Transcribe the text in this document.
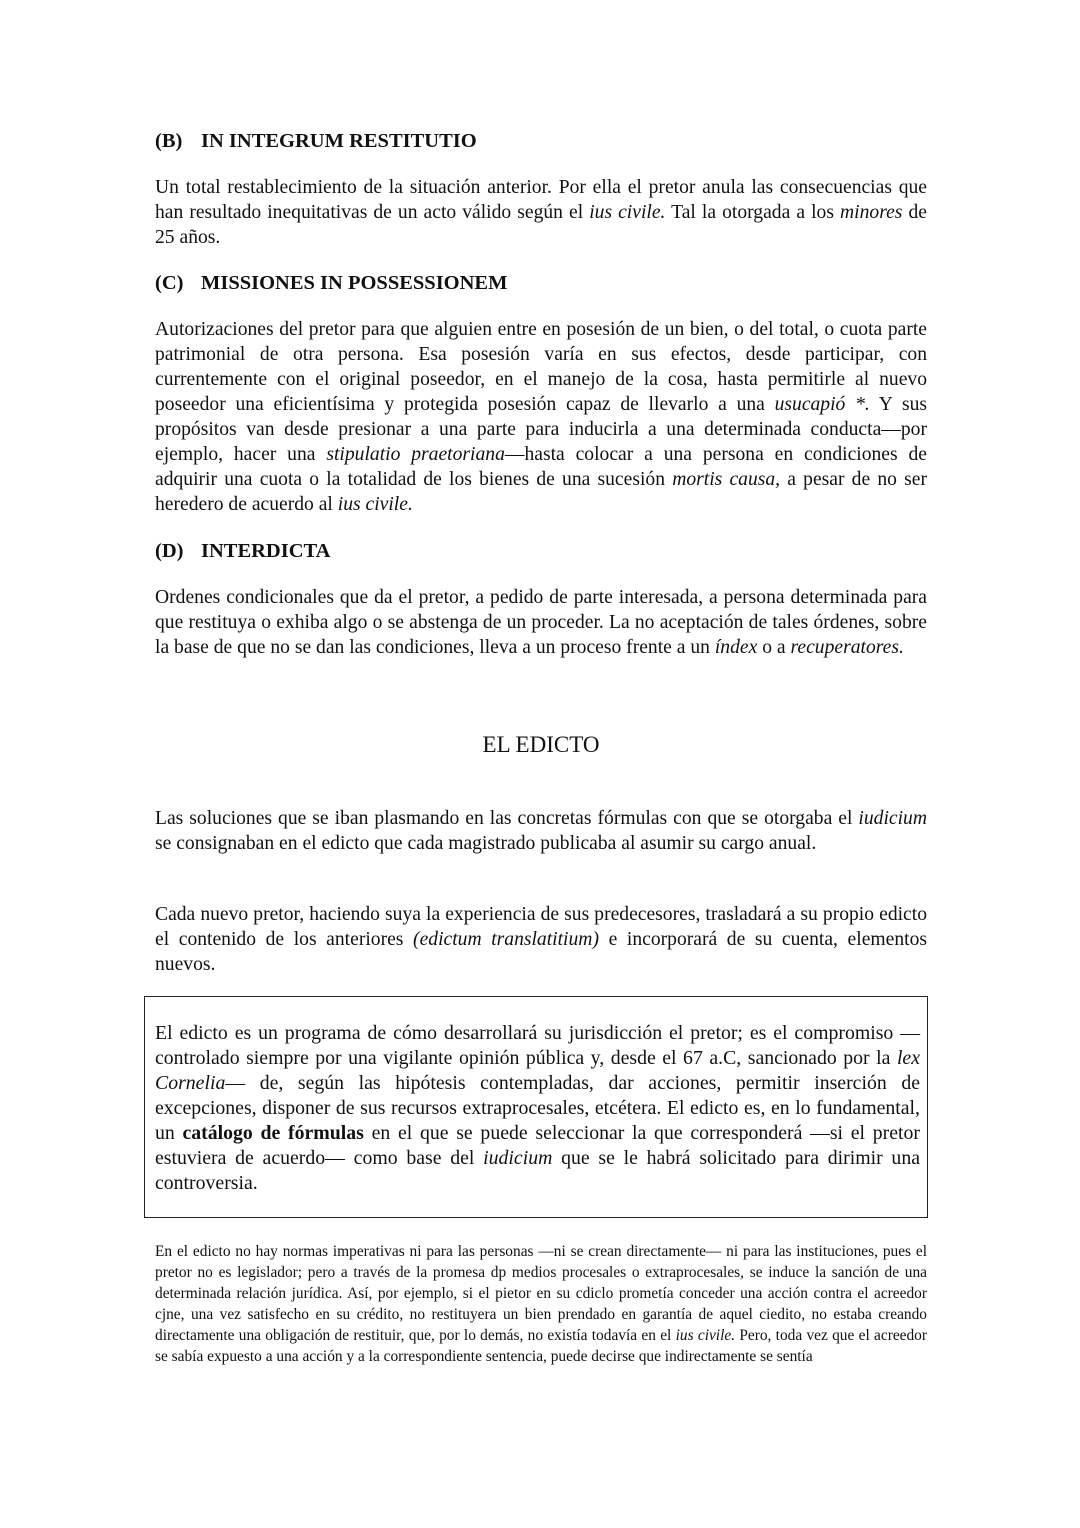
(B) IN INTEGRUM RESTITUTIO

Un total restablecimiento de la situación anterior. Por ella el pretor anula las consecuencias que han resultado inequitativas de un acto válido según el ius civile. Tal la otorgada a los minores de 25 años.

(C) MISSIONES IN POSSESSIONEM

Autorizaciones del pretor para que alguien entre en posesión de un bien, o del total, o cuota parte patrimonial de otra persona. Esa posesión varía en sus efectos, desde participar, con currentemente con el original poseedor, en el manejo de la cosa, hasta permitirle al nuevo poseedor una eficientísima y protegida posesión capaz de llevarlo a una usucapió *. Y sus propósitos van desde presionar a una parte para inducirla a una determinada conducta—por ejemplo, hacer una stipulatio praetoriana—hasta colocar a una persona en condiciones de adquirir una cuota o la totalidad de los bienes de una sucesión mortis causa, a pesar de no ser heredero de acuerdo al ius civile.

(D) INTERDICTA

Ordenes condicionales que da el pretor, a pedido de parte interesada, a persona determinada para que restituya o exhiba algo o se abstenga de un proceder. La no aceptación de tales órdenes, sobre la base de que no se dan las condiciones, lleva a un proceso frente a un índex o a recuperatores.

EL EDICTO

Las soluciones que se iban plasmando en las concretas fórmulas con que se otorgaba el iudicium se consignaban en el edicto que cada magistrado publicaba al asumir su cargo anual.

Cada nuevo pretor, haciendo suya la experiencia de sus predecesores, trasladará a su propio edicto el contenido de los anteriores (edictum translatitium) e incorporará de su cuenta, elementos nuevos.

El edicto es un programa de cómo desarrollará su jurisdicción el pretor; es el compromiso —controlado siempre por una vigilante opinión pública y, desde el 67 a.C, sancionado por la lex Cornelia— de, según las hipótesis contempladas, dar acciones, permitir inserción de excepciones, disponer de sus recursos extraprocesales, etcétera. El edicto es, en lo fundamental, un catálogo de fórmulas en el que se puede seleccionar la que corresponderá —si el pretor estuviera de acuerdo— como base del iudicium que se le habrá solicitado para dirimir una controversia.

En el edicto no hay normas imperativas ni para las personas —ni se crean directamente— ni para las instituciones, pues el pretor no es legislador; pero a través de la promesa dp medios procesales o extraprocesales, se induce la sanción de una determinada relación jurídica. Así, por ejemplo, si el pietor en su cdiclo prometía conceder una acción contra el acreedor cjne, una vez satisfecho en su crédito, no restituyera un bien prendado en garantía de aquel ciedito, no estaba creando directamente una obligación de restituir, que, por lo demás, no existía todavía en el ius civile. Pero, toda vez que el acreedor se sabía expuesto a una acción y a la correspondiente sentencia, puede decirse que indirectamente se sentía
